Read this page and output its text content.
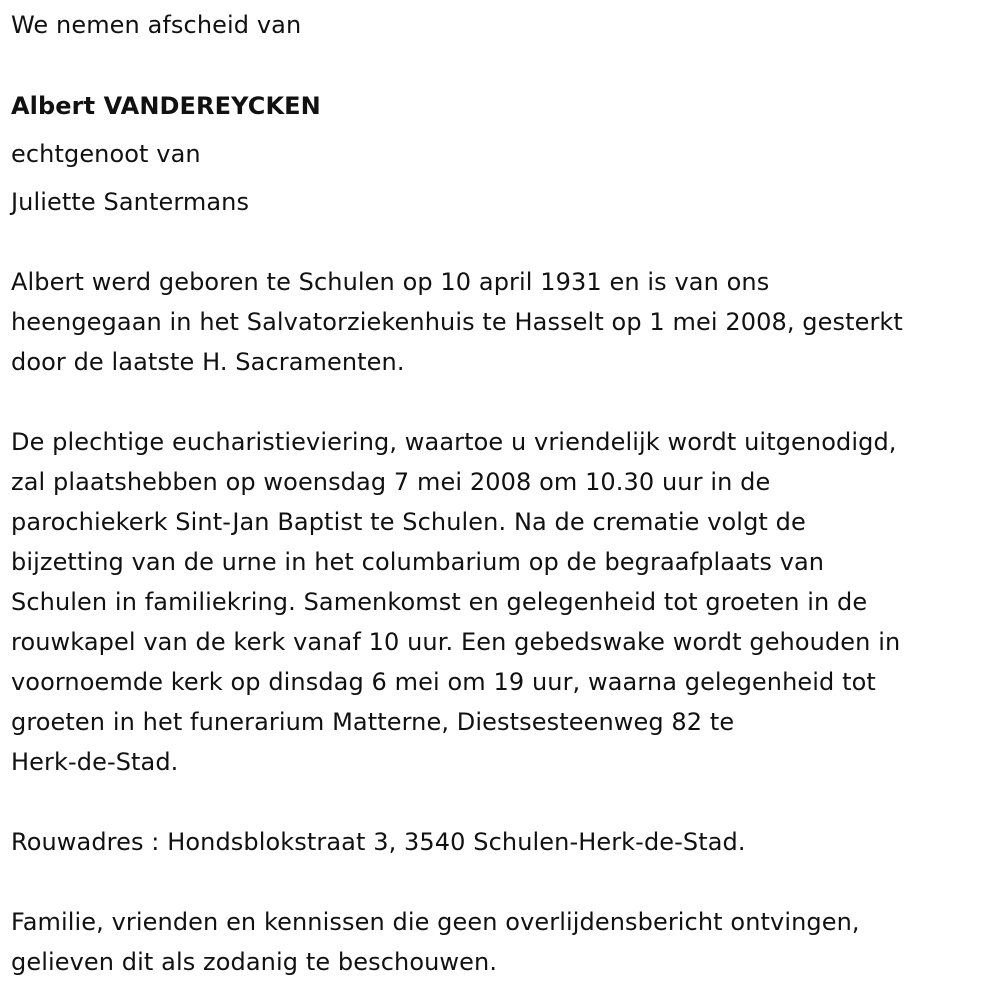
We nemen afscheid van
Albert VANDEREYCKEN
echtgenoot van
Juliette Santermans
Albert werd geboren te Schulen op 10 april 1931 en is van ons
heengegaan in het Salvatorziekenhuis te Hasselt op 1 mei 2008, gesterkt
door de laatste H. Sacramenten.
De plechtige eucharistieviering, waartoe u vriendelijk wordt uitgenodigd,
zal plaatshebben op woensdag 7 mei 2008 om 10.30 uur in de
parochiekerk Sint-Jan Baptist te Schulen. Na de crematie volgt de
bijzetting van de urne in het columbarium op de begraafplaats van
Schulen in familiekring. Samenkomst en gelegenheid tot groeten in de
rouwkapel van de kerk vanaf 10 uur. Een gebedswake wordt gehouden in
voornoemde kerk op dinsdag 6 mei om 19 uur, waarna gelegenheid tot
groeten in het funerarium Matterne, Diestsesteenweg 82 te
Herk-de-Stad.
Rouwadres : Hondsblokstraat 3, 3540 Schulen-Herk-de-Stad.
Familie, vrienden en kennissen die geen overlijdensbericht ontvingen,
gelieven dit als zodanig te beschouwen.
